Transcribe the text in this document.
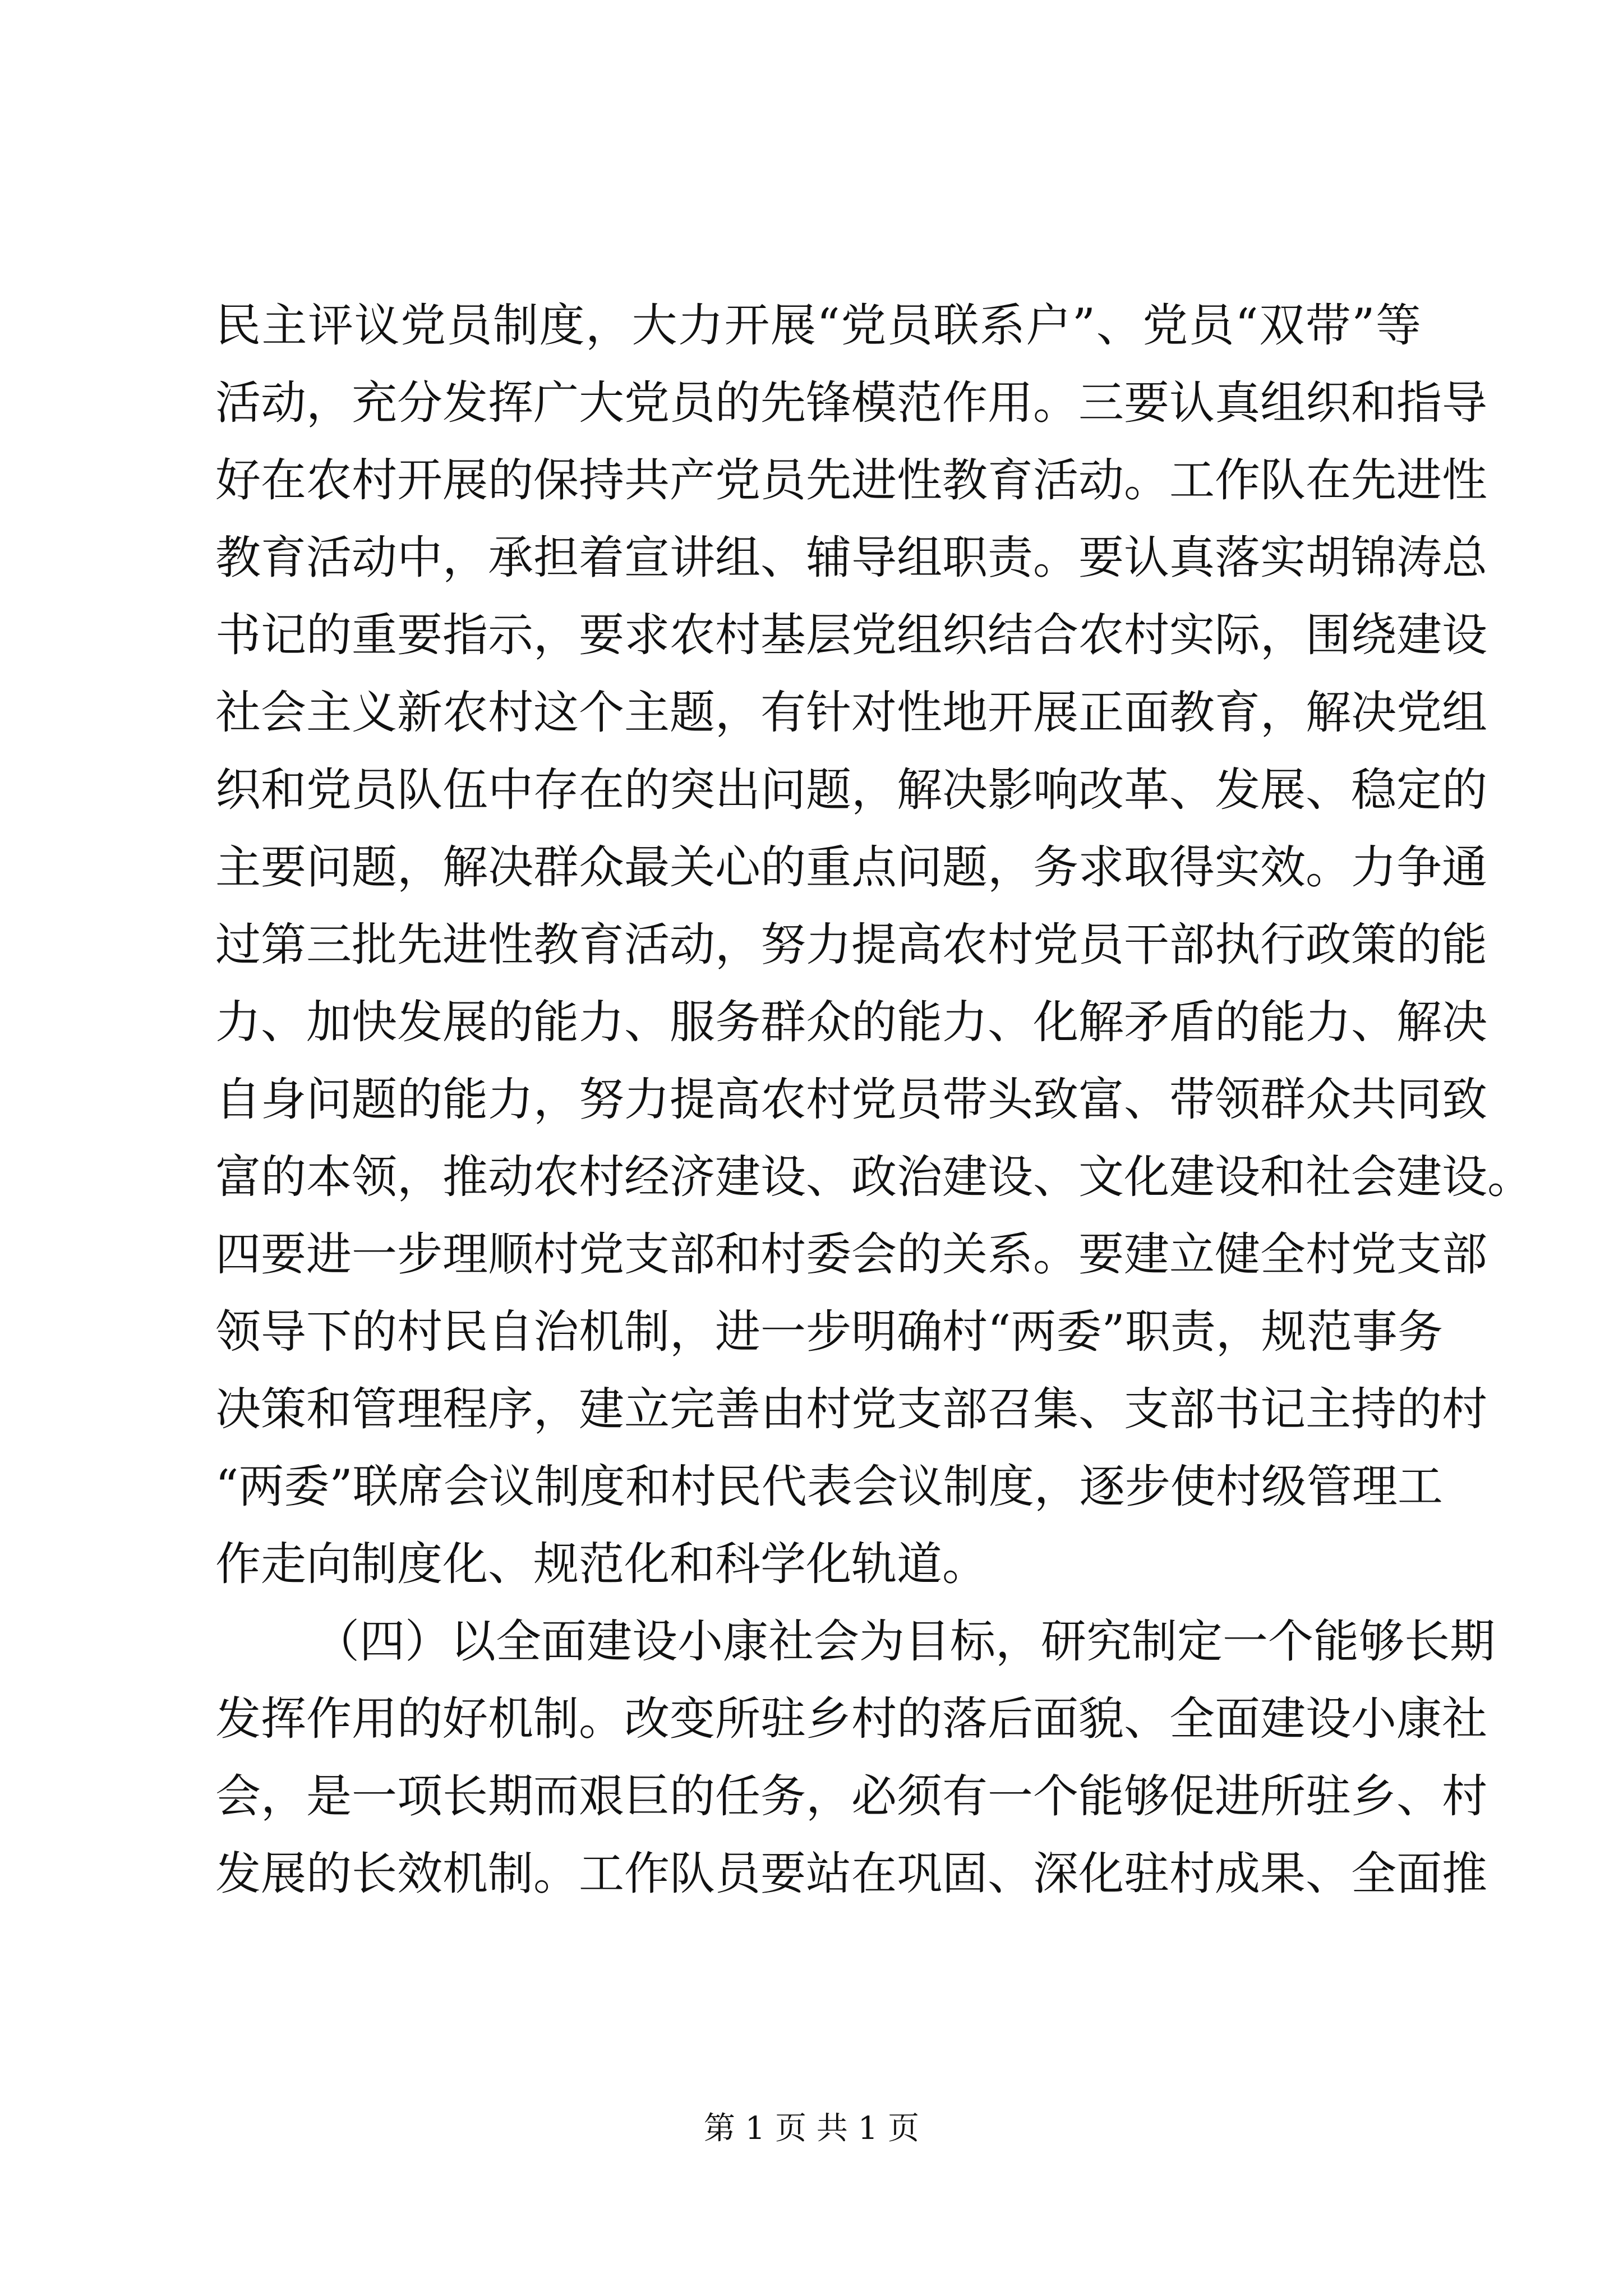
民主评议党员制度，大力开展“党员联系户”、党员“双带”等
活动，充分发挥广大党员的先锋模范作用。三要认真组织和指导
好在农村开展的保持共产党员先进性教育活动。工作队在先进性
教育活动中，承担着宣讲组、辅导组职责。要认真落实胡锦涛总
书记的重要指示，要求农村基层党组织结合农村实际，围绕建设
社会主义新农村这个主题，有针对性地开展正面教育，解决党组
织和党员队伍中存在的突出问题，解决影响改革、发展、稳定的
主要问题，解决群众最关心的重点问题，务求取得实效。力争通
过第三批先进性教育活动，努力提高农村党员干部执行政策的能
力、加快发展的能力、服务群众的能力、化解矛盾的能力、解决
自身问题的能力，努力提高农村党员带头致富、带领群众共同致
富的本领，推动农村经济建设、政治建设、文化建设和社会建设。
四要进一步理顺村党支部和村委会的关系。要建立健全村党支部
领导下的村民自治机制，进一步明确村“两委”职责，规范事务
决策和管理程序，建立完善由村党支部召集、支部书记主持的村
“两委”联席会议制度和村民代表会议制度，逐步使村级管理工
作走向制度化、规范化和科学化轨道。
（四）以全面建设小康社会为目标，研究制定一个能够长期
发挥作用的好机制。改变所驻乡村的落后面貌、全面建设小康社
会，是一项长期而艰巨的任务，必须有一个能够促进所驻乡、村
发展的长效机制。工作队员要站在巩固、深化驻村成果、全面推
第 1 页 共 1 页
